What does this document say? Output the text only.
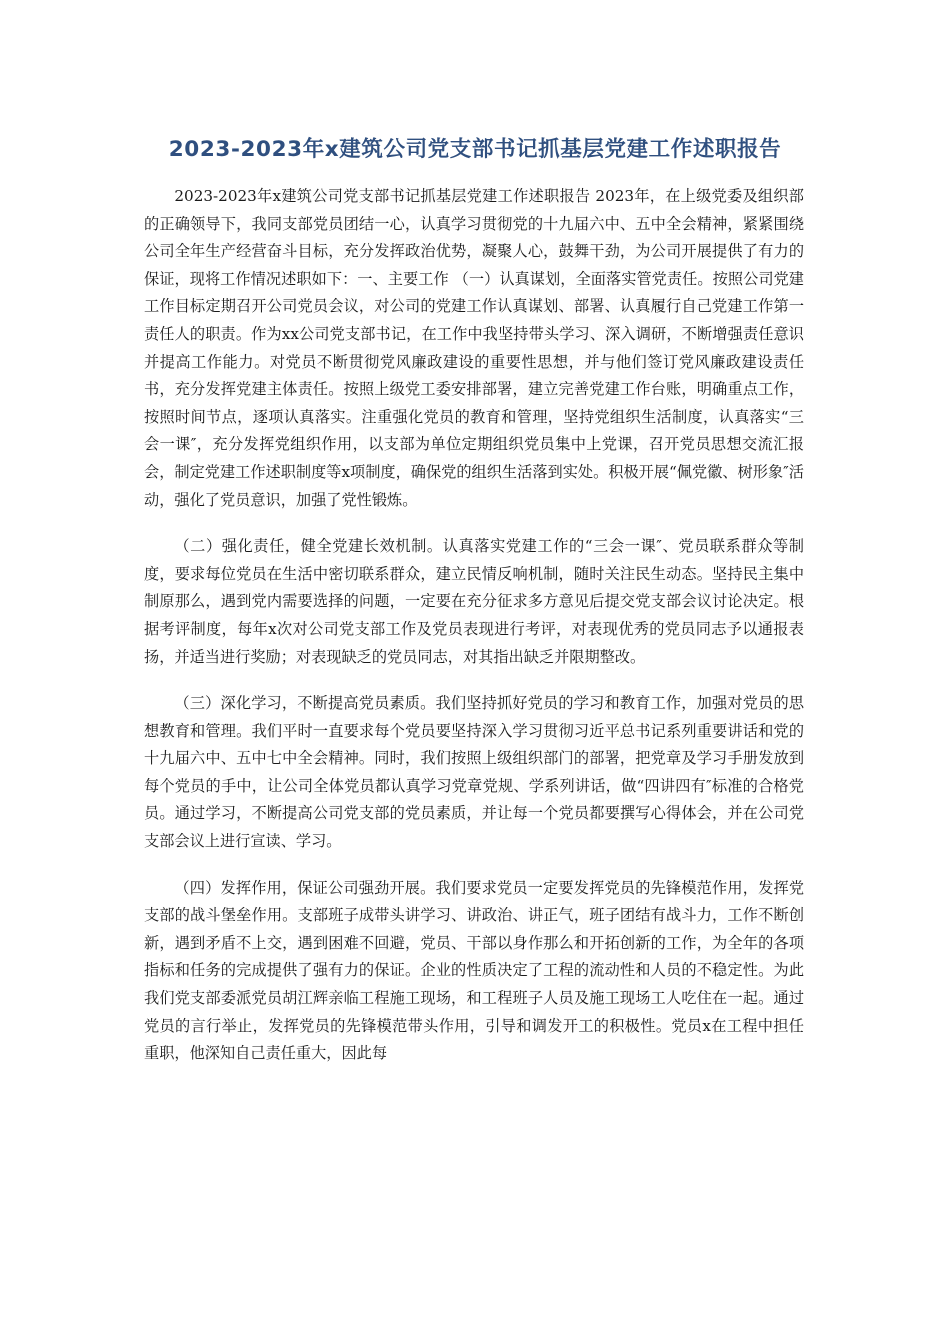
2023-2023年x建筑公司党支部书记抓基层党建工作述职报告

2023-2023年x建筑公司党支部书记抓基层党建工作述职报告 2023年，在上级党委及组织部的正确领导下，我同支部党员团结一心，认真学习贯彻党的十九届六中、五中全会精神，紧紧围绕公司全年生产经营奋斗目标，充分发挥政治优势，凝聚人心，鼓舞干劲，为公司开展提供了有力的保证，现将工作情况述职如下：一、主要工作 （一）认真谋划，全面落实管党责任。按照公司党建工作目标定期召开公司党员会议，对公司的党建工作认真谋划、部署、认真履行自己党建工作第一责任人的职责。作为xx公司党支部书记，在工作中我坚持带头学习、深入调研，不断增强责任意识并提高工作能力。对党员不断贯彻党风廉政建设的重要性思想，并与他们签订党风廉政建设责任书，充分发挥党建主体责任。按照上级党工委安排部署，建立完善党建工作台账，明确重点工作，按照时间节点，逐项认真落实。注重强化党员的教育和管理，坚持党组织生活制度，认真落实“三会一课″，充分发挥党组织作用，以支部为单位定期组织党员集中上党课，召开党员思想交流汇报会，制定党建工作述职制度等x项制度，确保党的组织生活落到实处。积极开展“佩党徽、树形象″活动，强化了党员意识，加强了党性锻炼。

（二）强化责任，健全党建长效机制。认真落实党建工作的“三会一课″、党员联系群众等制度，要求每位党员在生活中密切联系群众，建立民情反响机制，随时关注民生动态。坚持民主集中制原那么，遇到党内需要选择的问题，一定要在充分征求多方意见后提交党支部会议讨论决定。根据考评制度，每年x次对公司党支部工作及党员表现进行考评，对表现优秀的党员同志予以通报表扬，并适当进行奖励；对表现缺乏的党员同志，对其指出缺乏并限期整改。

（三）深化学习，不断提高党员素质。我们坚持抓好党员的学习和教育工作，加强对党员的思想教育和管理。我们平时一直要求每个党员要坚持深入学习贯彻习近平总书记系列重要讲话和党的十九届六中、五中七中全会精神。同时，我们按照上级组织部门的部署，把党章及学习手册发放到每个党员的手中，让公司全体党员都认真学习党章党规、学系列讲话，做“四讲四有″标准的合格党员。通过学习，不断提高公司党支部的党员素质，并让每一个党员都要撰写心得体会，并在公司党支部会议上进行宣读、学习。

（四）发挥作用，保证公司强劲开展。我们要求党员一定要发挥党员的先锋模范作用，发挥党支部的战斗堡垒作用。支部班子成带头讲学习、讲政治、讲正气，班子团结有战斗力，工作不断创新，遇到矛盾不上交，遇到困难不回避，党员、干部以身作那么和开拓创新的工作，为全年的各项指标和任务的完成提供了强有力的保证。企业的性质决定了工程的流动性和人员的不稳定性。为此我们党支部委派党员胡江辉亲临工程施工现场，和工程班子人员及施工现场工人吃住在一起。通过党员的言行举止，发挥党员的先锋模范带头作用，引导和调发开工的积极性。党员x在工程中担任重职，他深知自己责任重大，因此每
